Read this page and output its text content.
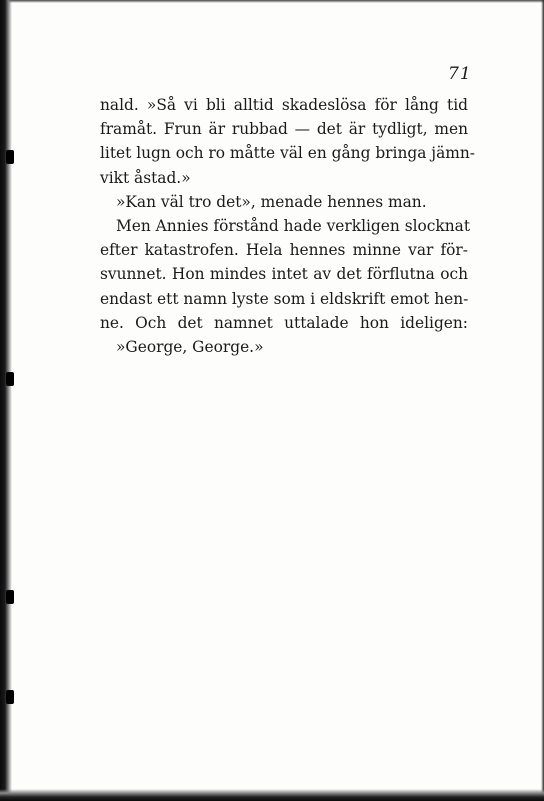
71
nald. »Så vi bli alltid skadeslösa för lång tid
framåt. Frun är rubbad — det är tydligt, men
litet lugn och ro måtte väl en gång bringa jämn-
vikt åstad.»
»Kan väl tro det», menade hennes man.
Men Annies förstånd hade verkligen slocknat
efter katastrofen. Hela hennes minne var för-
svunnet. Hon mindes intet av det förflutna och
endast ett namn lyste som i eldskrift emot hen-
ne. Och det namnet uttalade hon ideligen:
»George, George.»
